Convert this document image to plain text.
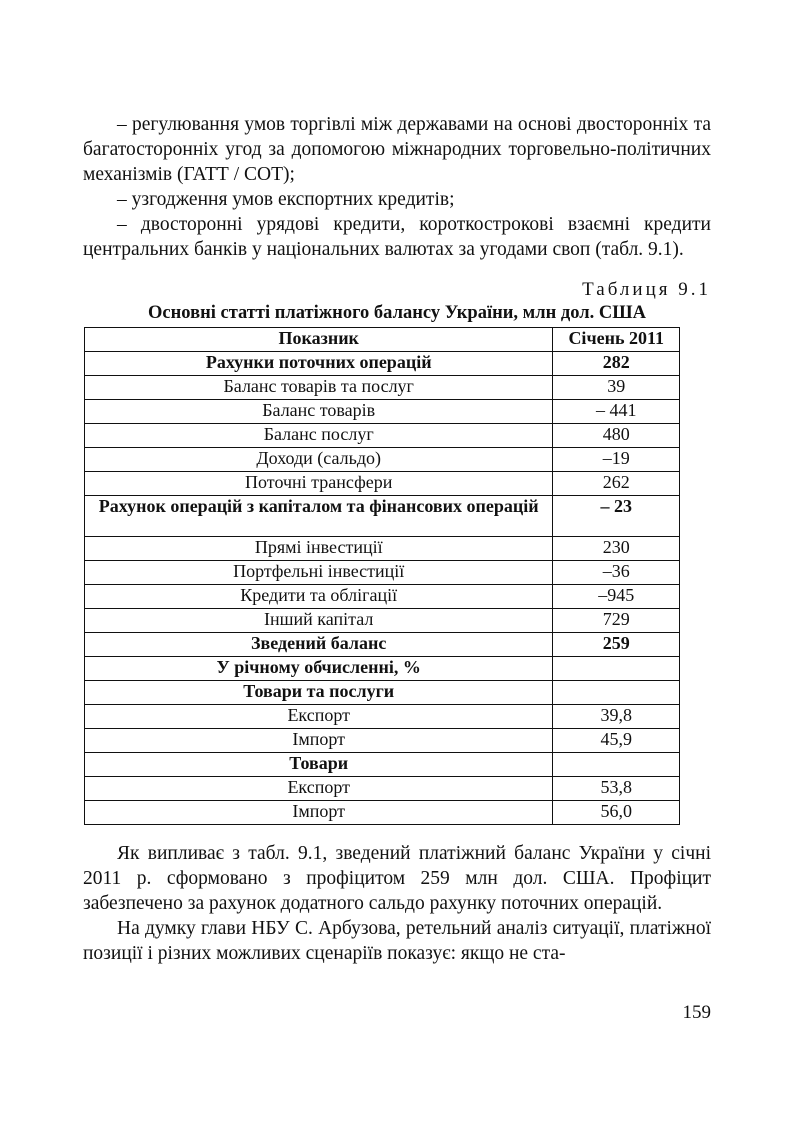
– регулювання умов торгівлі між державами на основі двосторонніх та багатосторонніх угод за допомогою міжнародних торговельно-політичних механізмів (ГАТТ / СОТ);

– узгодження умов експортних кредитів;

– двосторонні урядові кредити, короткострокові взаємні кредити центральних банків у національних валютах за угодами своп (табл. 9.1).

Таблиця 9.1
Основні статті платіжного балансу України, млн дол. США
Показник	Січень 2011
Рахунки поточних операцій	282
Баланс товарів та послуг	39
Баланс товарів	– 441
Баланс послуг	480
Доходи (сальдо)	–19
Поточні трансфери	262
Рахунок операцій з капіталом та фінансових операцій	– 23
Прямі інвестиції	230
Портфельні інвестиції	–36
Кредити та облігації	–945
Інший капітал	729
Зведений баланс	259
У річному обчисленні, %	
Товари та послуги	
Експорт	39,8
Імпорт	45,9
Товари	
Експорт	53,8
Імпорт	56,0

Як випливає з табл. 9.1, зведений платіжний баланс України у січні 2011 р. сформовано з профіцитом 259 млн дол. США. Профіцит забезпечено за рахунок додатного сальдо рахунку поточних операцій.

На думку глави НБУ С. Арбузова, ретельний аналіз ситуації, платіжної позиції і різних можливих сценаріїв показує: якщо не ста-

159
